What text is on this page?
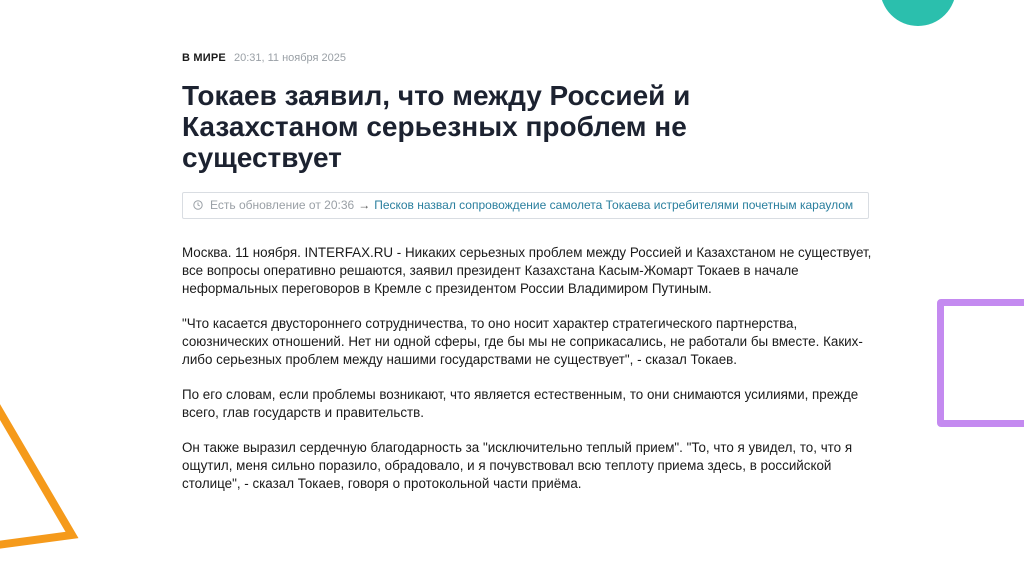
В МИРЕ 20:31, 11 ноября 2025
Токаев заявил, что между Россией и Казахстаном серьезных проблем не существует
Есть обновление от 20:36 → Песков назвал сопровождение самолета Токаева истребителями почетным караулом

Москва. 11 ноября. INTERFAX.RU - Никаких серьезных проблем между Россией и Казахстаном не существует, все вопросы оперативно решаются, заявил президент Казахстана Касым-Жомарт Токаев в начале неформальных переговоров в Кремле с президентом России Владимиром Путиным.

"Что касается двустороннего сотрудничества, то оно носит характер стратегического партнерства, союзнических отношений. Нет ни одной сферы, где бы мы не соприкасались, не работали бы вместе. Каких-либо серьезных проблем между нашими государствами не существует", - сказал Токаев.

По его словам, если проблемы возникают, что является естественным, то они снимаются усилиями, прежде всего, глав государств и правительств.

Он также выразил сердечную благодарность за "исключительно теплый прием". "То, что я увидел, то, что я ощутил, меня сильно поразило, обрадовало, и я почувствовал всю теплоту приема здесь, в российской столице", - сказал Токаев, говоря о протокольной части приёма.
